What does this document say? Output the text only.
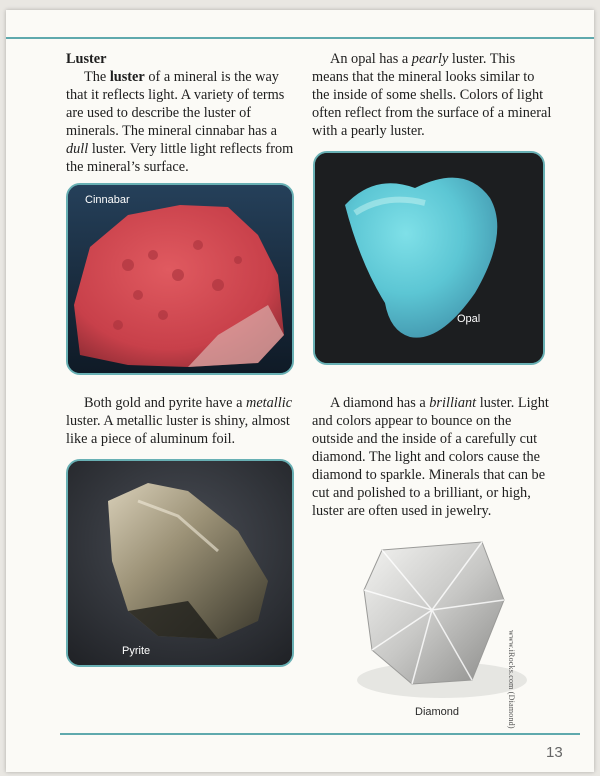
Luster

The luster of a mineral is the way that it reflects light. A variety of terms are used to describe the luster of minerals. The mineral cinnabar has a dull luster. Very little light reflects from the mineral’s surface.

An opal has a pearly luster. This means that the mineral looks similar to the inside of some shells. Colors of light often reflect from the surface of a mineral with a pearly luster.

Cinnabar
Opal

Both gold and pyrite have a metallic luster. A metallic luster is shiny, almost like a piece of aluminum foil.

A diamond has a brilliant luster. Light and colors appear to bounce on the outside and the inside of a carefully cut diamond. The light and colors cause the diamond to sparkle. Minerals that can be cut and polished to a brilliant, or high, luster are often used in jewelry.

Pyrite
Diamond	www.iRocks.com (Diamond)
13
